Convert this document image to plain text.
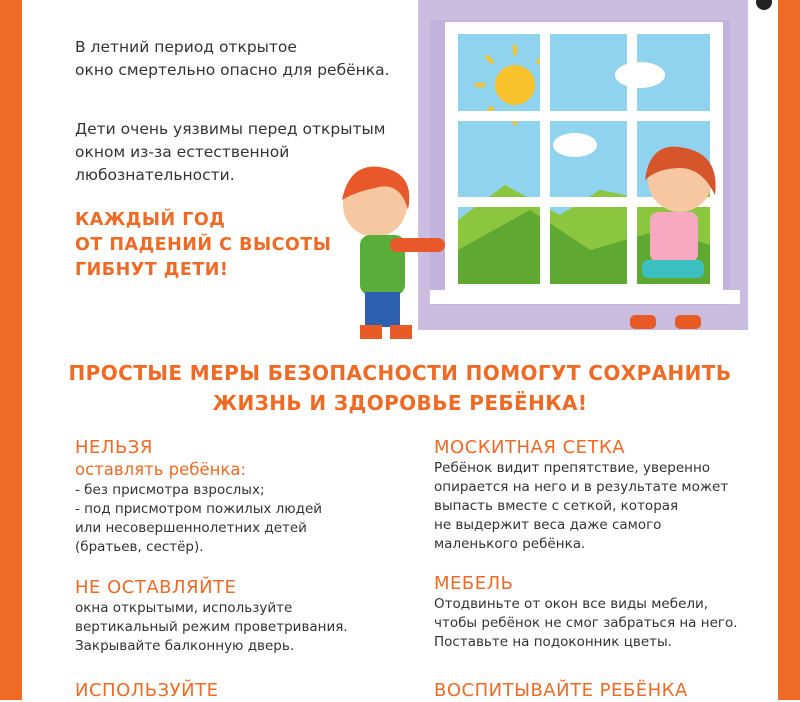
В летний период открытое
окно смертельно опасно для ребёнка.
Дети очень уязвимы перед открытым
окном из-за естественной
любознательности.
КАЖДЫЙ ГОД
ОТ ПАДЕНИЙ С ВЫСОТЫ
ГИБНУТ ДЕТИ!
ПРОСТЫЕ МЕРЫ БЕЗОПАСНОСТИ ПОМОГУТ СОХРАНИТЬ
ЖИЗНЬ И ЗДОРОВЬЕ РЕБЁНКА!
НЕЛЬЗЯ
оставлять ребёнка:
- без присмотра взрослых;
- под присмотром пожилых людей
или несовершеннолетних детей
(братьев, сестёр).
НЕ ОСТАВЛЯЙТЕ
окна открытыми, используйте
вертикальный режим проветривания.
Закрывайте балконную дверь.
ИСПОЛЬЗУЙТЕ
МОСКИТНАЯ СЕТКА
Ребёнок видит препятствие, уверенно
опирается на него и в результате может
выпасть вместе с сеткой, которая
не выдержит веса даже самого
маленького ребёнка.
МЕБЕЛЬ
Отодвиньте от окон все виды мебели,
чтобы ребёнок не смог забраться на него.
Поставьте на подоконник цветы.
ВОСПИТЫВАЙТЕ РЕБЁНКА
